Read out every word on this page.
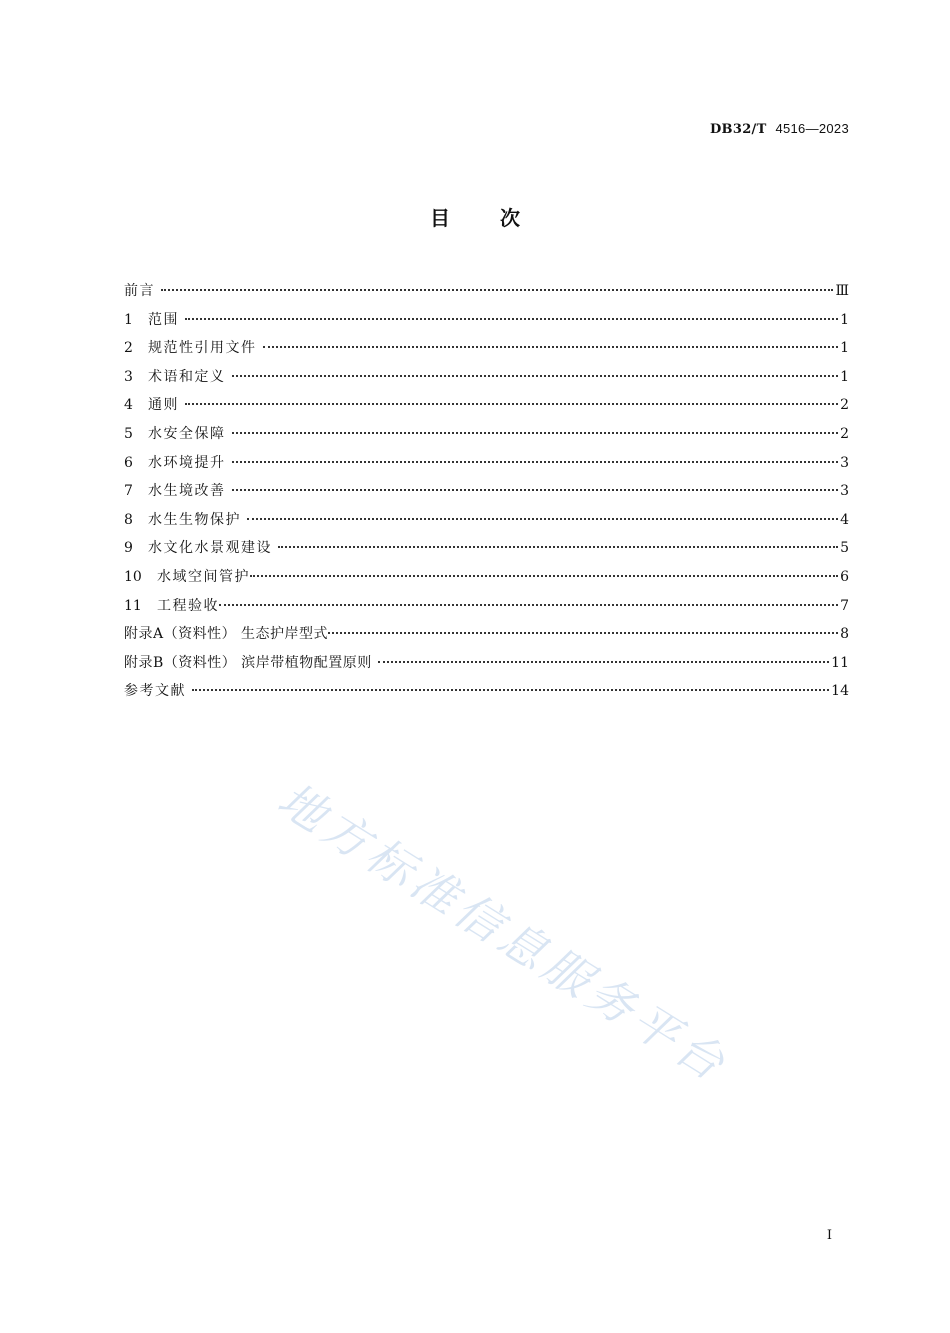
DB32/T 4516—2023
目次
前言	Ⅲ
1	范围	1
2	规范性引用文件	1
3	术语和定义	1
4	通则	2
5	水安全保障	2
6	水环境提升	3
7	水生境改善	3
8	水生生物保护	4
9	水文化水景观建设	5
10	水域空间管护	6
11	工程验收	7
附录A（资料性） 生态护岸型式	8
附录B（资料性） 滨岸带植物配置原则	11
参考文献	14
地方标准信息服务平台
I
